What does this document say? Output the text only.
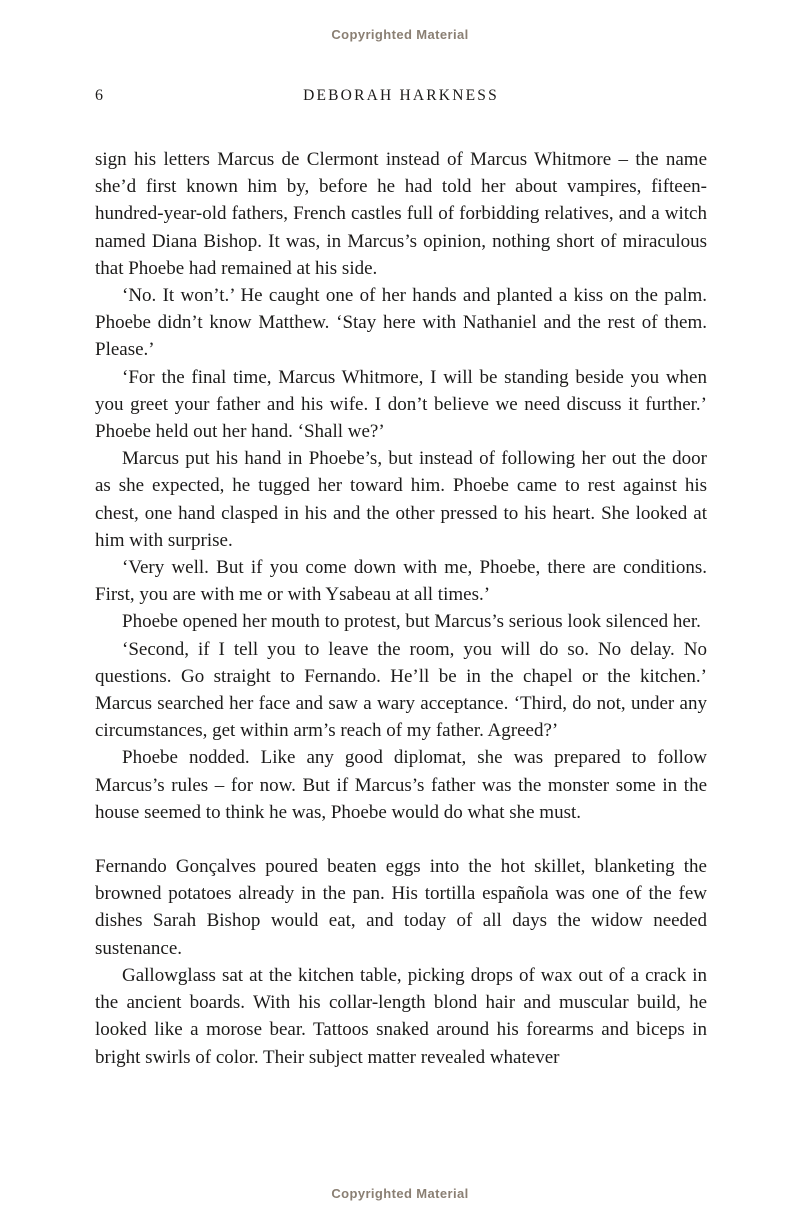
Copyrighted Material
6	DEBORAH HARKNESS

sign his letters Marcus de Clermont instead of Marcus Whitmore – the name she’d first known him by, before he had told her about vampires, fifteen-hundred-year-old fathers, French castles full of forbidding relatives, and a witch named Diana Bishop. It was, in Marcus’s opinion, nothing short of miraculous that Phoebe had remained at his side.

‘No. It won’t.’ He caught one of her hands and planted a kiss on the palm. Phoebe didn’t know Matthew. ‘Stay here with Nathaniel and the rest of them. Please.’

‘For the final time, Marcus Whitmore, I will be standing beside you when you greet your father and his wife. I don’t believe we need discuss it further.’ Phoebe held out her hand. ‘Shall we?’

Marcus put his hand in Phoebe’s, but instead of following her out the door as she expected, he tugged her toward him. Phoebe came to rest against his chest, one hand clasped in his and the other pressed to his heart. She looked at him with surprise.

‘Very well. But if you come down with me, Phoebe, there are conditions. First, you are with me or with Ysabeau at all times.’

Phoebe opened her mouth to protest, but Marcus’s serious look silenced her.

‘Second, if I tell you to leave the room, you will do so. No delay. No questions. Go straight to Fernando. He’ll be in the chapel or the kitchen.’ Marcus searched her face and saw a wary acceptance. ‘Third, do not, under any circumstances, get within arm’s reach of my father. Agreed?’

Phoebe nodded. Like any good diplomat, she was prepared to follow Marcus’s rules – for now. But if Marcus’s father was the monster some in the house seemed to think he was, Phoebe would do what she must.

Fernando Gonçalves poured beaten eggs into the hot skillet, blanketing the browned potatoes already in the pan. His tortilla española was one of the few dishes Sarah Bishop would eat, and today of all days the widow needed sustenance.

Gallowglass sat at the kitchen table, picking drops of wax out of a crack in the ancient boards. With his collar-length blond hair and muscular build, he looked like a morose bear. Tattoos snaked around his forearms and biceps in bright swirls of color. Their subject matter revealed whatever

Copyrighted Material
